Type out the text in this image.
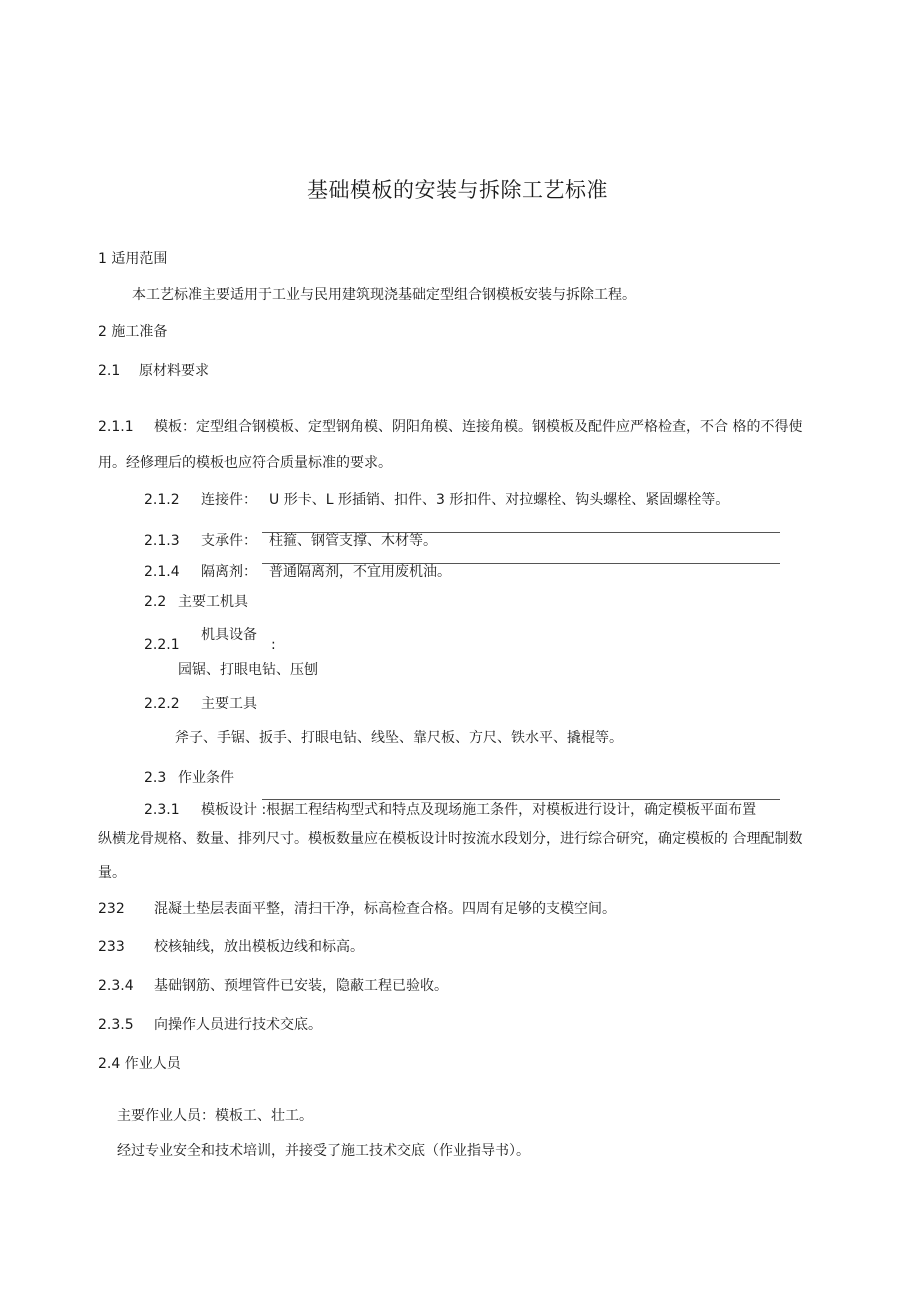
基础模板的安装与拆除工艺标准
1 适用范围
本工艺标准主要适用于工业与民用建筑现浇基础定型组合钢模板安装与拆除工程。
2 施工准备
2.1 原材料要求
2.1.1 模板：定型组合钢模板、定型钢角模、阴阳角模、连接角模。钢模板及配件应严格检查，不合 格的不得使
用。经修理后的模板也应符合质量标准的要求。
2.1.2 连接件： U 形卡、L 形插销、扣件、3 形扣件、对拉螺栓、钩头螺栓、紧固螺栓等。
2.1.3 支承件： 柱箍、钢管支撑、木材等。
2.1.4 隔离剂： 普通隔离剂，不宜用废机油。
2.2 主要工机具
机具设备
2.2.1	:
园锯、打眼电钻、压刨
2.2.2 主要工具
斧子、手锯、扳手、打眼电钻、线坠、靠尺板、方尺、铁水平、撬棍等。
2.3 作业条件
2.3.1 模板设计 :根据工程结构型式和特点及现场施工条件，对模板进行设计，确定模板平面布置
纵横龙骨规格、数量、排列尺寸。模板数量应在模板设计时按流水段划分，进行综合研究，确定模板的 合理配制数
量。
232 混凝土垫层表面平整，清扫干净，标高检查合格。四周有足够的支模空间。
233 校核轴线，放出模板边线和标高。
2.3.4 基础钢筋、预埋管件已安装，隐蔽工程已验收。
2.3.5 向操作人员进行技术交底。
2.4 作业人员
主要作业人员：模板工、壮工。
经过专业安全和技术培训，并接受了施工技术交底（作业指导书）。
